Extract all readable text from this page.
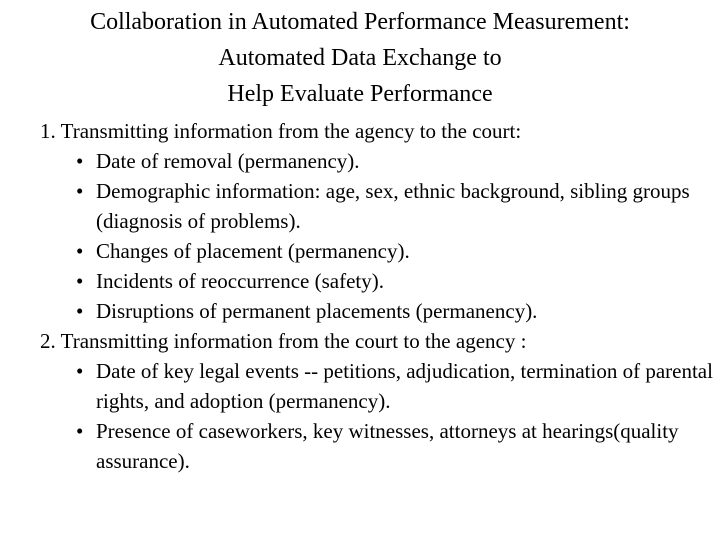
Collaboration in Automated Performance Measurement:
Automated Data Exchange to
Help Evaluate Performance
1. Transmitting information from the agency to the court:
• Date of removal (permanency).
• Demographic information: age, sex, ethnic background, sibling groups (diagnosis of problems).
• Changes of placement (permanency).
• Incidents of reoccurrence (safety).
• Disruptions of permanent placements (permanency).
2. Transmitting information from the court to the agency :
• Date of key legal events -- petitions, adjudication, termination of parental rights, and adoption (permanency).
• Presence of caseworkers, key witnesses, attorneys at hearings(quality assurance).
